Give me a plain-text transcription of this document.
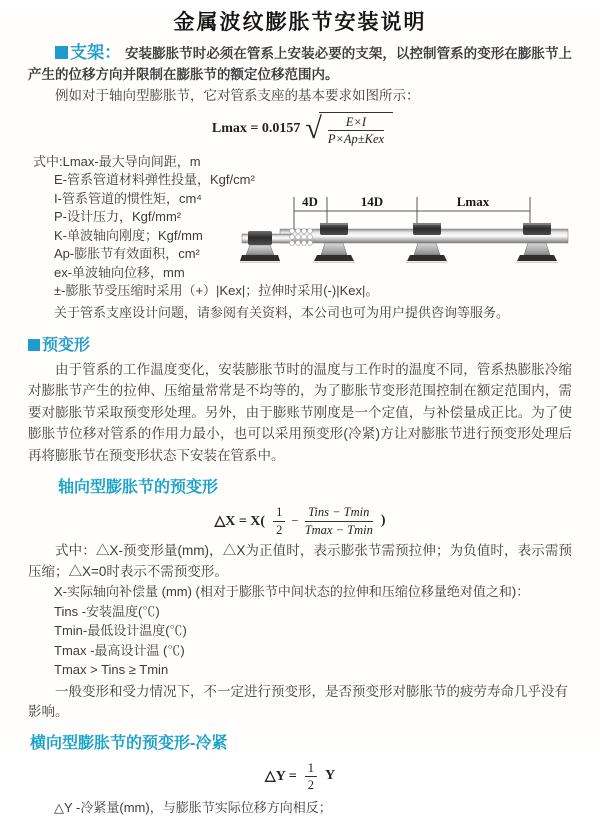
金属波纹膨胀节安装说明

支架： 安装膨胀节时必须在管系上安装必要的支架，以控制管系的变形在膨胀节上产生的位移方向并限制在膨胀节的额定位移范围内。

例如对于轴向型膨胀节，它对管系支座的基本要求如图所示：

Lmax = 0.0157 √ $\frac{E\times I}{\text{P×Ap±Kex}}$
式中:Lmax-最大导向间距，m
E-管系管道材料弹性投量，Kgf/cm²
I-管系管道的惯性矩，cm⁴
P-设计压力，Kgf/mm²
K-单波轴向刚度；Kgf/mm
Ap-膨胀节有效面积，cm²
ex-单波轴向位移，mm
±-膨胀节受压缩时采用（+）|Kex|；拉伸时采用(-)|Kex|。
关于管系支座设计问题，请参阅有关资料，本公司也可为用户提供咨询等服务。
4D	14D	Lmax
预变形

由于管系的工作温度变化，安装膨胀节时的温度与工作时的温度不同，管系热膨胀冷缩对膨胀节产生的拉伸、压缩量常常是不均等的，为了膨胀节变形范围控制在额定范围内，需要对膨胀节采取预变形处理。另外，由于膨账节刚度是一个定值，与补偿量成正比。为了使膨胀节位移对管系的作用力最小，也可以采用预变形(冷紧)方让对膨胀节进行预变形处理后再将膨胀节在预变形状态下安装在管系中。

轴向型膨胀节的预变形
△X = $X( \frac{1}{2} - \frac{\text{Tins − Tmin}}{Tmax - Tmin}$ )

式中：△X-预变形量(mm)，△X为正值时，表示膨张节需预拉伸；为负值时，表示需预压缩；△X=0时表示不需预变形。

X-实际轴向补偿量 (mm) (相对于膨胀节中间状态的拉伸和压缩位移量绝对值之和)：
Tins -安装温度(℃)
Tmin-最低设计温度(℃)
Tmax -最高设计温 (℃)
Tmax > Tins ≥ Tmin

一般变形和受力情况下，不一定进行预变形，是否预变形对膨胀节的疲劳寿命几乎没有影响。

横向型膨胀节的预变形-冷紧
△Y = $\frac{1}{2}$ Y
△Y -冷紧量(mm)，与膨胀节实际位移方向相反；
